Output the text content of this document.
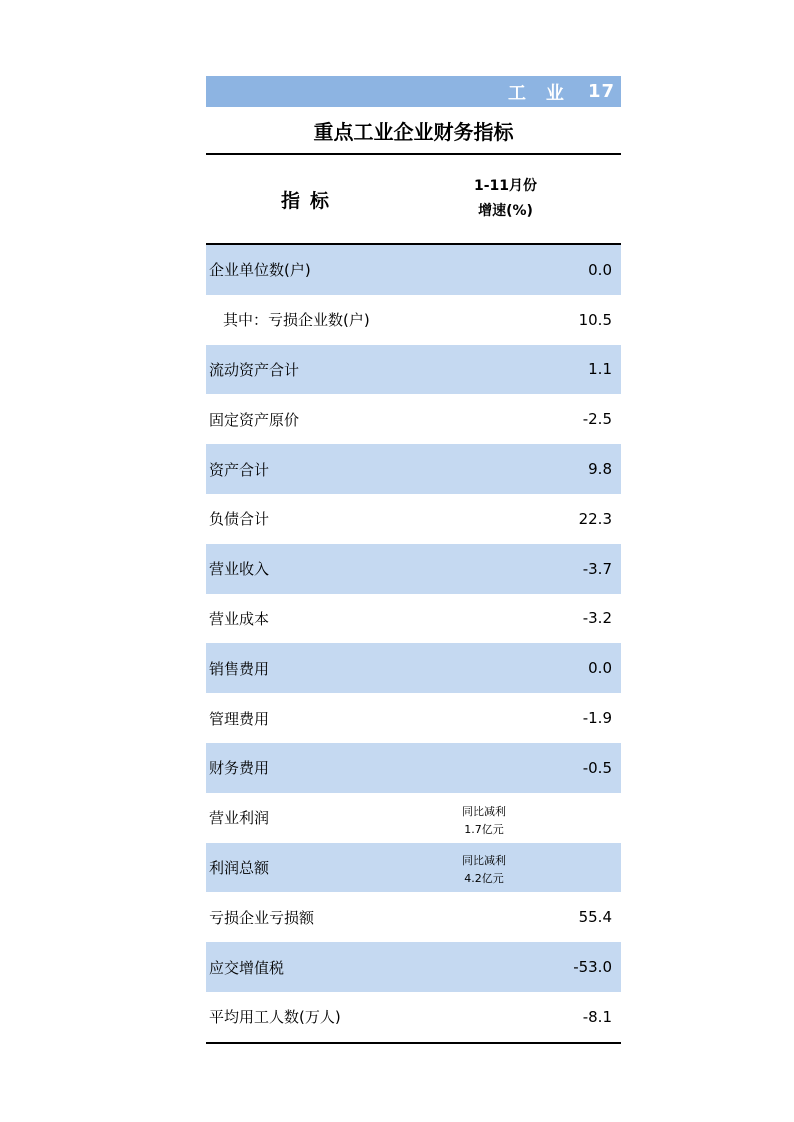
工业 17
重点工业企业财务指标
指标
1-11月份
增速(%)
企业单位数(户)	0.0
其中：亏损企业数(户)	10.5
流动资产合计	1.1
固定资产原价	-2.5
资产合计	9.8
负债合计	22.3
营业收入	-3.7
营业成本	-3.2
销售费用	0.0
管理费用	-1.9
财务费用	-0.5
营业利润	同比减利
1.7亿元
利润总额	同比减利
4.2亿元
亏损企业亏损额	55.4
应交增值税	-53.0
平均用工人数(万人)	-8.1
